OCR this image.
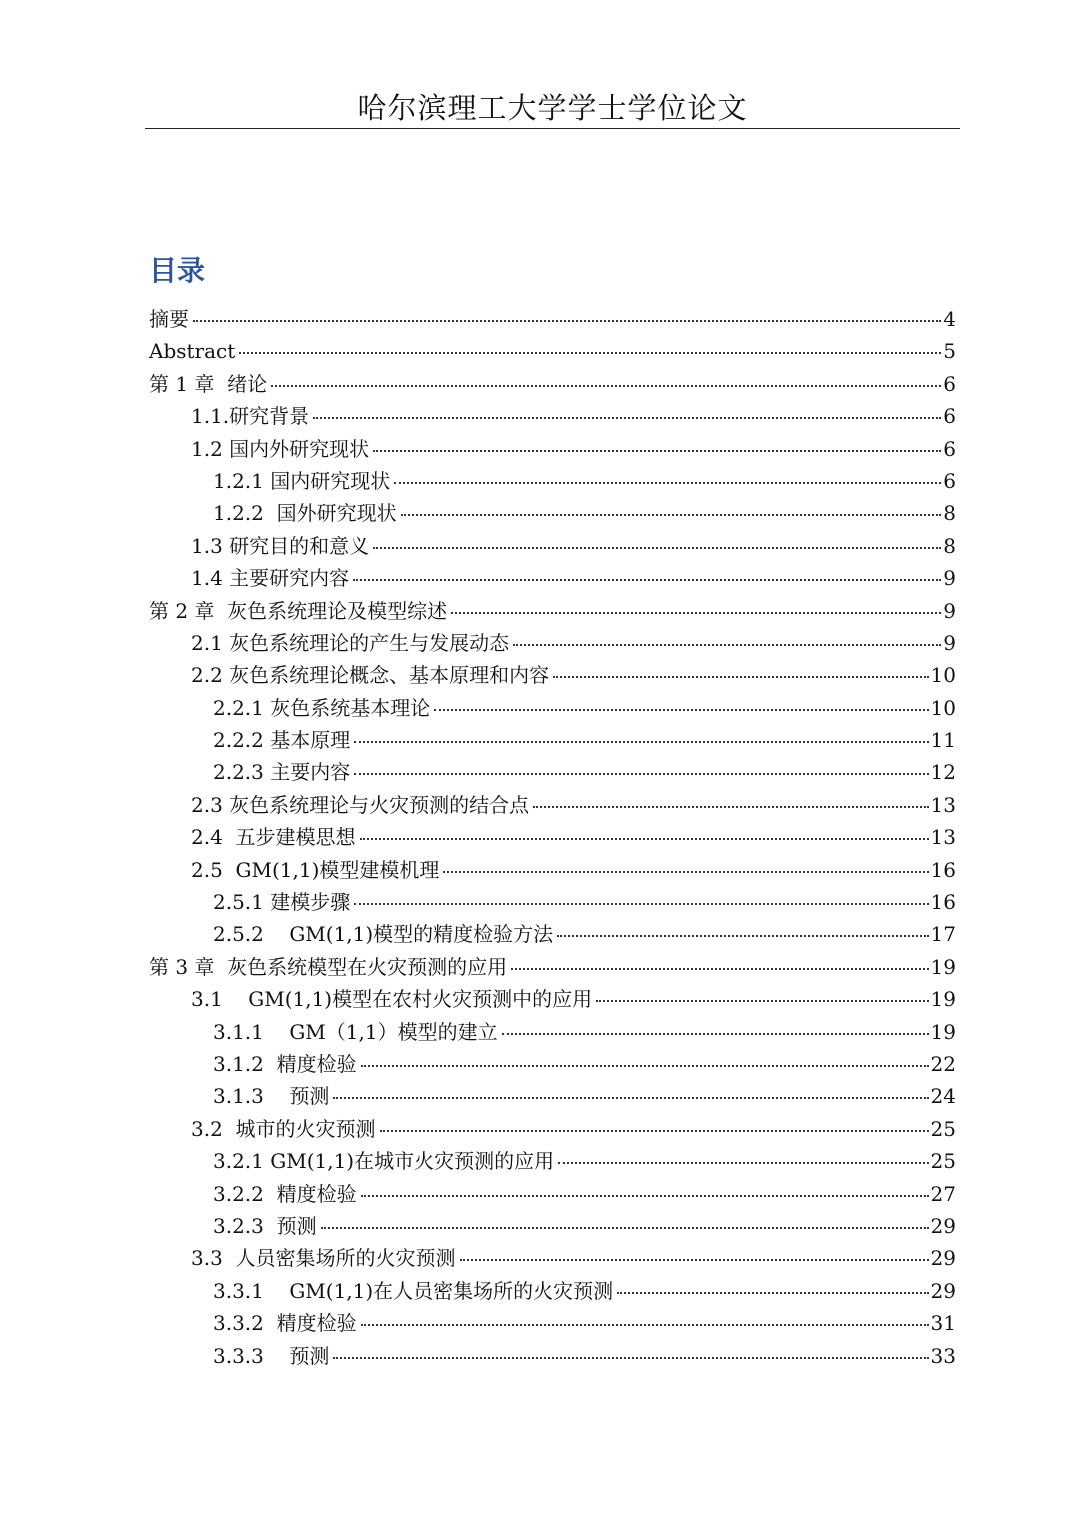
哈尔滨理工大学学士学位论文
目录
摘要	4
Abstract	5
第 1 章  绪论	6
1.1.研究背景	6
1.2 国内外研究现状	6
1.2.1 国内研究现状	6
1.2.2  国外研究现状	8
1.3 研究目的和意义	8
1.4 主要研究内容	9
第 2 章  灰色系统理论及模型综述	9
2.1 灰色系统理论的产生与发展动态	9
2.2 灰色系统理论概念、基本原理和内容	10
2.2.1 灰色系统基本理论	10
2.2.2 基本原理	11
2.2.3 主要内容	12
2.3 灰色系统理论与火灾预测的结合点	13
2.4  五步建模思想	13
2.5  GM(1,1)模型建模机理	16
2.5.1 建模步骤	16
2.5.2    GM(1,1)模型的精度检验方法	17
第 3 章  灰色系统模型在火灾预测的应用	19
3.1    GM(1,1)模型在农村火灾预测中的应用	19
3.1.1    GM（1,1）模型的建立	19
3.1.2  精度检验	22
3.1.3    预测	24
3.2  城市的火灾预测	25
3.2.1 GM(1,1)在城市火灾预测的应用	25
3.2.2  精度检验	27
3.2.3  预测	29
3.3  人员密集场所的火灾预测	29
3.3.1    GM(1,1)在人员密集场所的火灾预测	29
3.3.2  精度检验	31
3.3.3    预测	33
